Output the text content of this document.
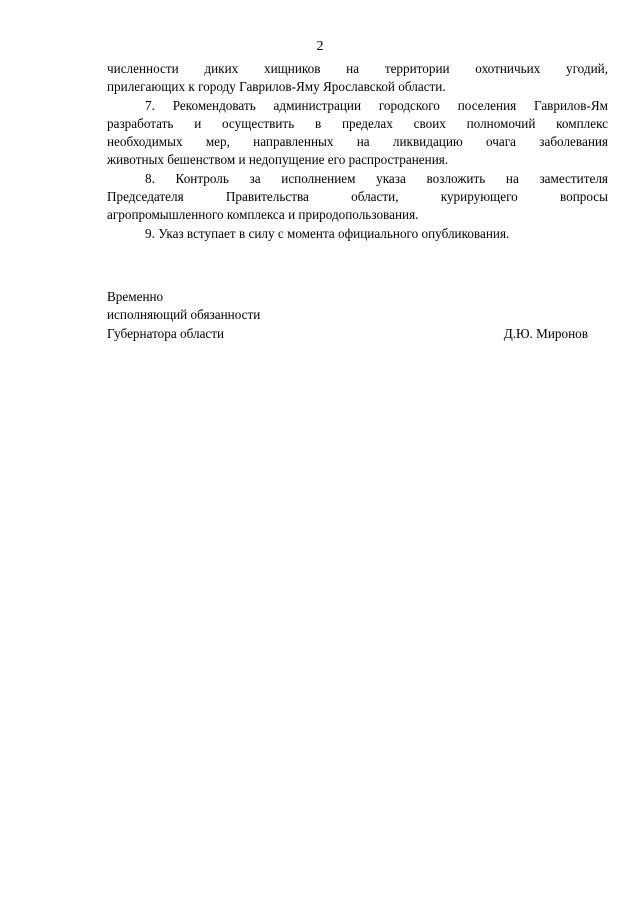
2
численности диких хищников на территории охотничьих угодий,
прилегающих к городу Гаврилов-Яму Ярославской области.
7. Рекомендовать администрации городского поселения Гаврилов-Ям
разработать и осуществить в пределах своих полномочий комплекс
необходимых мер, направленных на ликвидацию очага заболевания
животных бешенством и недопущение его распространения.
8. Контроль за исполнением указа возложить на заместителя
Председателя Правительства области, курирующего вопросы
агропромышленного комплекса и природопользования.
9. Указ вступает в силу с момента официального опубликования.
Временно
исполняющий обязанности
Губернатора области	Д.Ю. Миронов
